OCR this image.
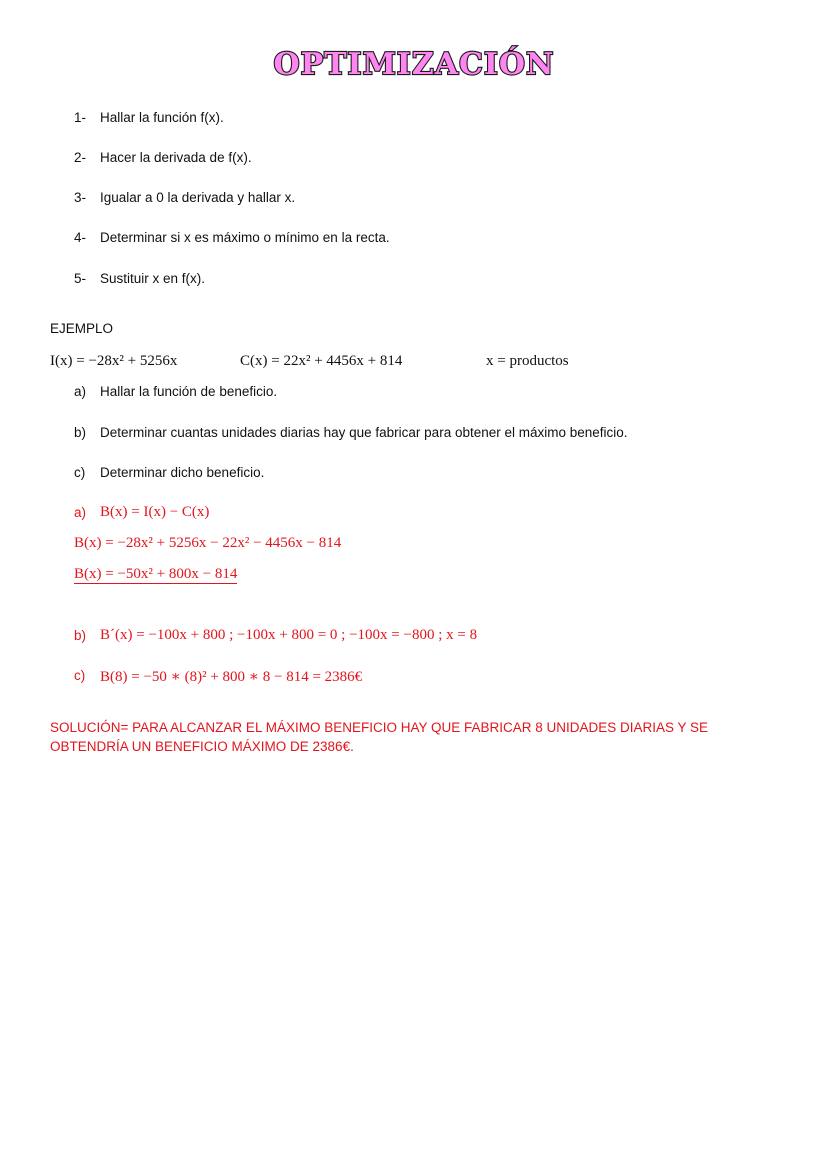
OPTIMIZACIÓN
1- Hallar la función f(x).
2- Hacer la derivada de f(x).
3- Igualar a 0 la derivada y hallar x.
4- Determinar si x es máximo o mínimo en la recta.
5- Sustituir x en f(x).
EJEMPLO
I(x) = −28x² + 5256x	C(x) = 22x² + 4456x + 814	x = productos
a) Hallar la función de beneficio.
b) Determinar cuantas unidades diarias hay que fabricar para obtener el máximo beneficio.
c) Determinar dicho beneficio.
a) B(x) = I(x) − C(x)
B(x) = −28x² + 5256x − 22x² − 4456x − 814
B(x) = −50x² + 800x − 814
b) B´(x) = −100x + 800 ; −100x + 800 = 0 ; −100x = −800 ; x = 8
c) B(8) = −50 ∗ (8)² + 800 ∗ 8 − 814 = 2386€
SOLUCIÓN= PARA ALCANZAR EL MÁXIMO BENEFICIO HAY QUE FABRICAR 8 UNIDADES DIARIAS Y SE OBTENDRÍA UN BENEFICIO MÁXIMO DE 2386€.
